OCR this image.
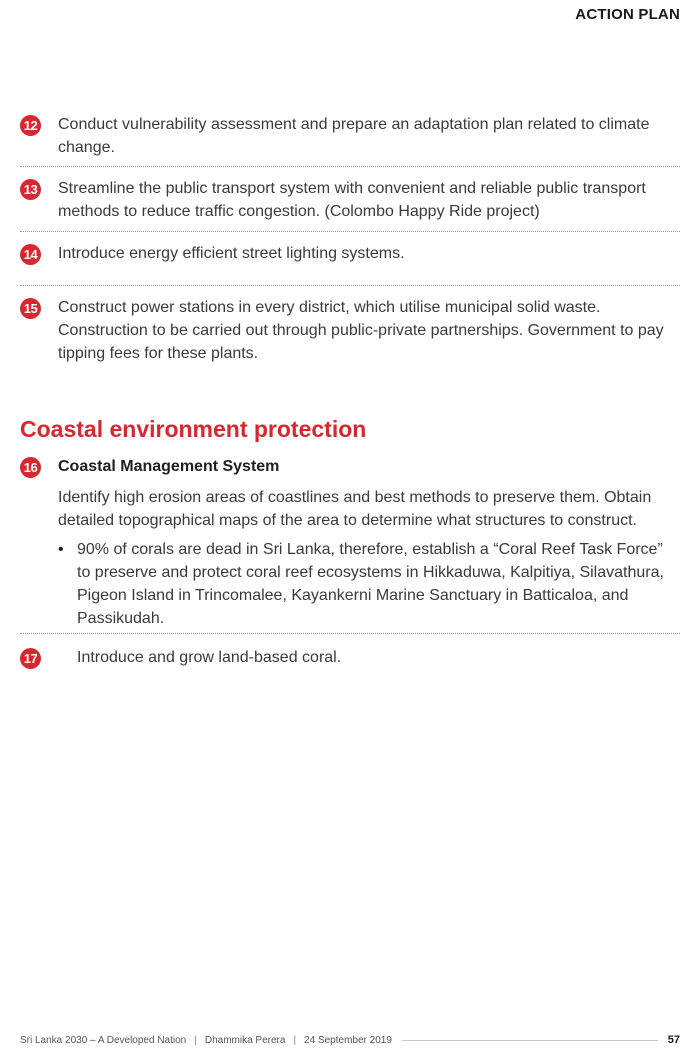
ACTION PLAN
12 Conduct vulnerability assessment and prepare an adaptation plan related to climate change.
13 Streamline the public transport system with convenient and reliable public transport methods to reduce traffic congestion. (Colombo Happy Ride project)
14 Introduce energy efficient street lighting systems.
15 Construct power stations in every district, which utilise municipal solid waste. Construction to be carried out through public-private partnerships. Government to pay tipping fees for these plants.
Coastal environment protection
16 Coastal Management System
Identify high erosion areas of coastlines and best methods to preserve them. Obtain detailed topographical maps of the area to determine what structures to construct.
• 90% of corals are dead in Sri Lanka, therefore, establish a “Coral Reef Task Force” to preserve and protect coral reef ecosystems in Hikkaduwa, Kalpitiya, Silavathura, Pigeon Island in Trincomalee, Kayankerni Marine Sanctuary in Batticaloa, and Passikudah.
17 Introduce and grow land-based coral.
Sri Lanka 2030 – A Developed Nation | Dhammika Perera | 24 September 2019	57
